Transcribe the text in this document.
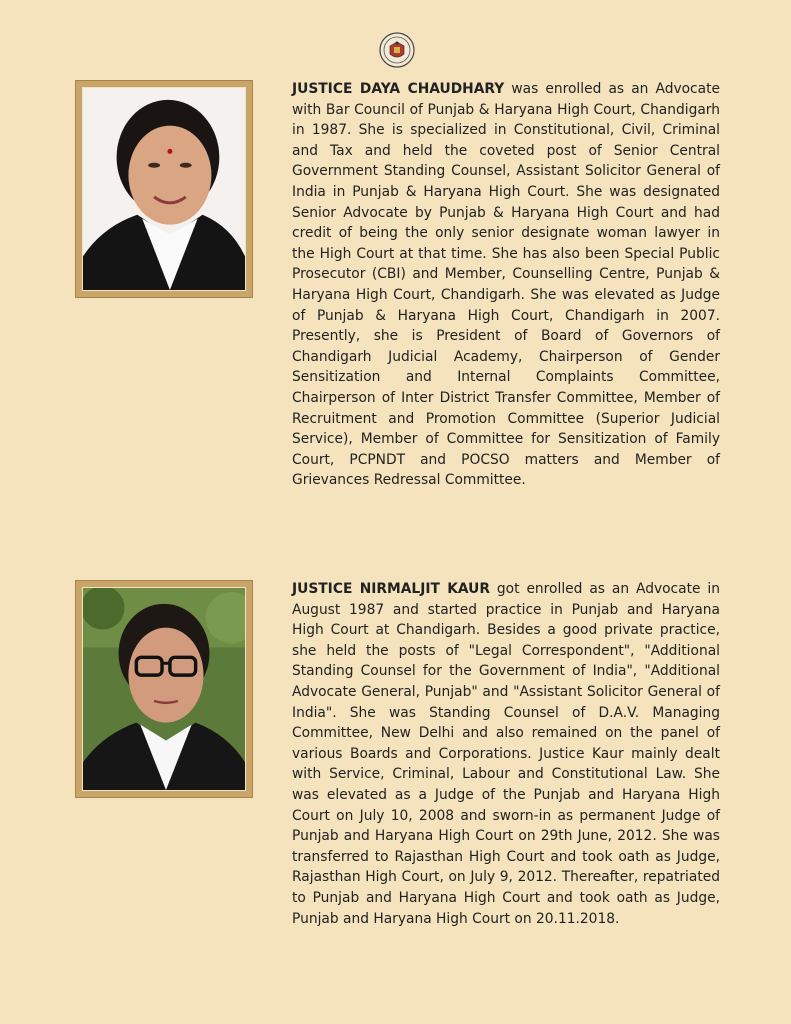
JUSTICE DAYA CHAUDHARY was enrolled as an Advocate with Bar Council of Punjab & Haryana High Court, Chandigarh in 1987. She is specialized in Constitutional, Civil, Criminal and Tax and held the coveted post of Senior Central Government Standing Counsel, Assistant Solicitor General of India in Punjab & Haryana High Court. She was designated Senior Advocate by Punjab & Haryana High Court and had credit of being the only senior designate woman lawyer in the High Court at that time. She has also been Special Public Prosecutor (CBI) and Member, Counselling Centre, Punjab & Haryana High Court, Chandigarh. She was elevated as Judge of Punjab & Haryana High Court, Chandigarh in 2007. Presently, she is President of Board of Governors of Chandigarh Judicial Academy, Chairperson of Gender Sensitization and Internal Complaints Committee, Chairperson of Inter District Transfer Committee, Member of Recruitment and Promotion Committee (Superior Judicial Service), Member of Committee for Sensitization of Family Court, PCPNDT and POCSO matters and Member of Grievances Redressal Committee.

JUSTICE NIRMALJIT KAUR got enrolled as an Advocate in August 1987 and started practice in Punjab and Haryana High Court at Chandigarh. Besides a good private practice, she held the posts of "Legal Correspondent", "Additional Standing Counsel for the Government of India", "Additional Advocate General, Punjab" and "Assistant Solicitor General of India". She was Standing Counsel of D.A.V. Managing Committee, New Delhi and also remained on the panel of various Boards and Corporations. Justice Kaur mainly dealt with Service, Criminal, Labour and Constitutional Law. She was elevated as a Judge of the Punjab and Haryana High Court on July 10, 2008 and sworn-in as permanent Judge of Punjab and Haryana High Court on 29th June, 2012. She was transferred to Rajasthan High Court and took oath as Judge, Rajasthan High Court, on July 9, 2012. Thereafter, repatriated to Punjab and Haryana High Court and took oath as Judge, Punjab and Haryana High Court on 20.11.2018.
